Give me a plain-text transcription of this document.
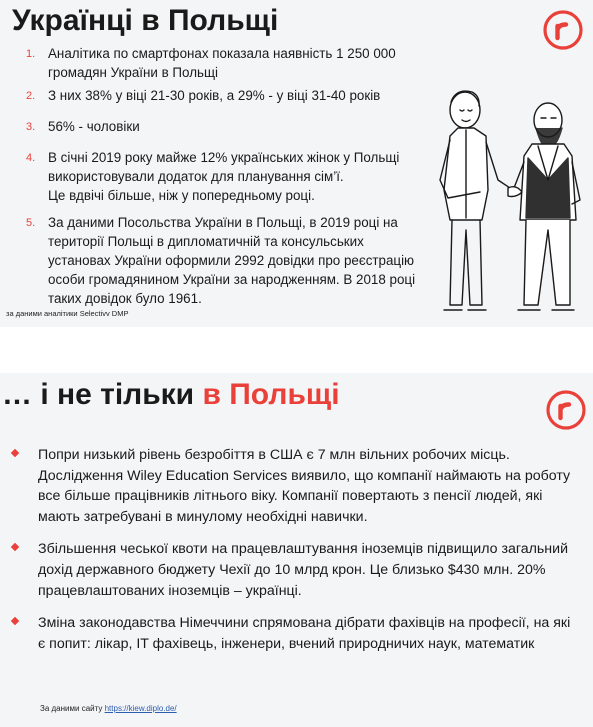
Українці в Польщі
1. Аналітика по смартфонах показала наявність 1 250 000 громадян України в Польщі
2. З них 38% у віці 21-30 років, а 29% - у віці 31-40 років
3. 56% - чоловіки
4. В січні 2019 року майже 12% українських жінок у Польщі використовували додаток для планування сім’ї.
Це вдвічі більше, ніж у попередньому році.
5. За даними Посольства України в Польщі, в 2019 році на території Польщі в дипломатичній та консульських установах України оформили 2992 довідки про реєстрацію особи громадянином України за народженням. В 2018 році таких довідок було 1961.
за даними аналітики Selectivv DMP
… і не тільки в Польщі
Попри низький рівень безробіття в США є 7 млн вільних робочих місць. Дослідження Wiley Education Services виявило, що компанії наймають на роботу все більше працівників літнього віку. Компанії повертають з пенсії людей, які мають затребувані в минулому необхідні навички.
Збільшення чеської квоти на працевлаштування іноземців підвищило загальний дохід державного бюджету Чехії до 10 млрд крон. Це близько $430 млн. 20% працевлаштованих іноземців – українці.
Зміна законодавства Німеччини спрямована дібрати фахівців на професії, на які є попит: лікар, IT фахівець, інженери, вчений природничих наук, математик
За даними сайту https://kiew.diplo.de/
